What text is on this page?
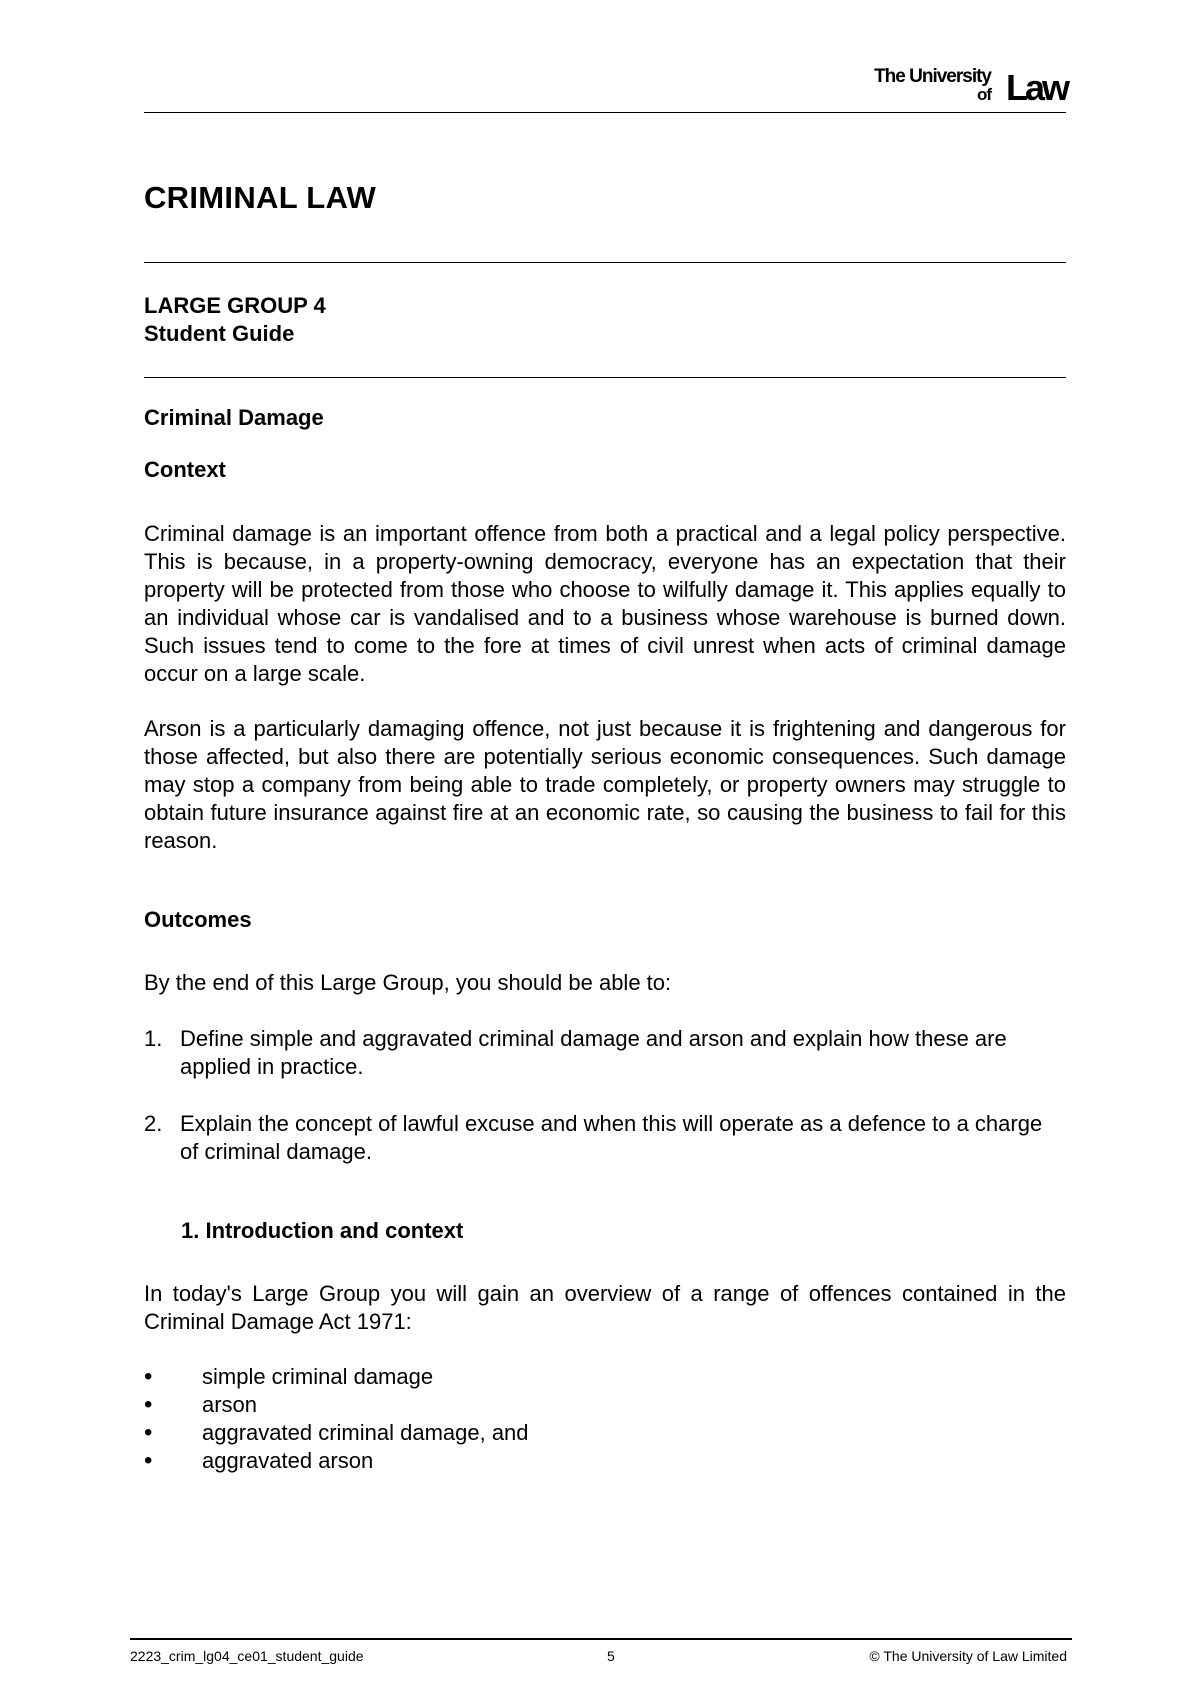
The University
of Law
CRIMINAL LAW
LARGE GROUP 4
Student Guide
Criminal Damage
Context
Criminal damage is an important offence from both a practical and a legal policy perspective. This is because, in a property-owning democracy, everyone has an expectation that their property will be protected from those who choose to wilfully damage it. This applies equally to an individual whose car is vandalised and to a business whose warehouse is burned down. Such issues tend to come to the fore at times of civil unrest when acts of criminal damage occur on a large scale.
Arson is a particularly damaging offence, not just because it is frightening and dangerous for those affected, but also there are potentially serious economic consequences. Such damage may stop a company from being able to trade completely, or property owners may struggle to obtain future insurance against fire at an economic rate, so causing the business to fail for this reason.
Outcomes
By the end of this Large Group, you should be able to:
1. Define simple and aggravated criminal damage and arson and explain how these are applied in practice.
2. Explain the concept of lawful excuse and when this will operate as a defence to a charge of criminal damage.
1. Introduction and context
In today's Large Group you will gain an overview of a range of offences contained in the Criminal Damage Act 1971:
• simple criminal damage
• arson
• aggravated criminal damage, and
• aggravated arson
2223_crim_lg04_ce01_student_guide	5	© The University of Law Limited
